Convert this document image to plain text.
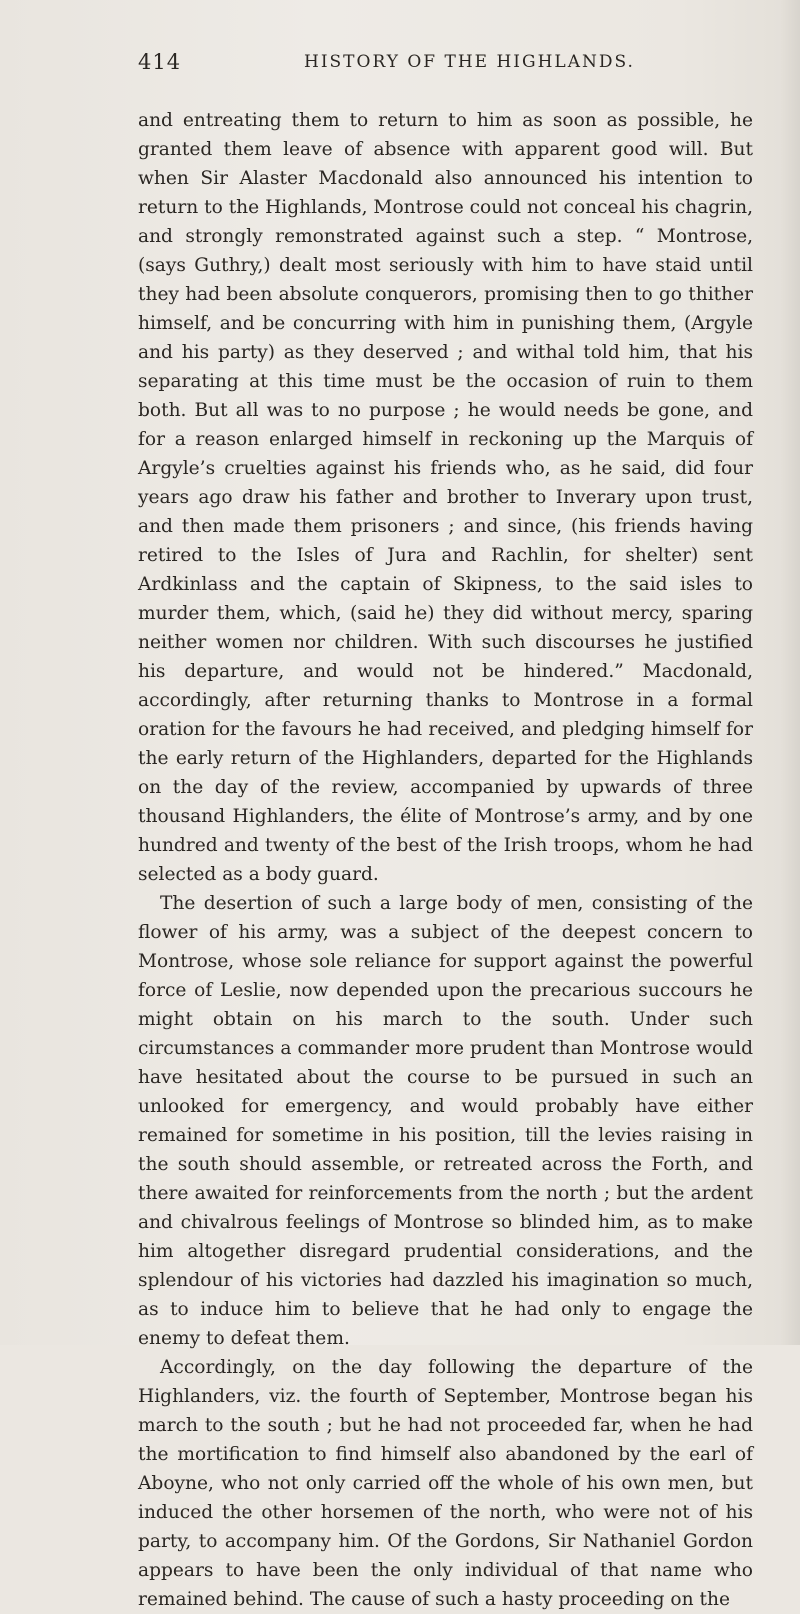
414	HISTORY OF THE HIGHLANDS.

and entreating them to return to him as soon as possible, he granted them leave of absence with apparent good will. But when Sir Alaster Macdonald also announced his intention to return to the Highlands, Montrose could not conceal his chagrin, and strongly remonstrated against such a step. “ Montrose, (says Guthry,) dealt most seriously with him to have staid until they had been absolute conquerors, promising then to go thither himself, and be concurring with him in punishing them, (Argyle and his party) as they deserved ; and withal told him, that his separating at this time must be the occasion of ruin to them both. But all was to no purpose ; he would needs be gone, and for a reason enlarged himself in reckoning up the Marquis of Argyle’s cruelties against his friends who, as he said, did four years ago draw his father and brother to Inverary upon trust, and then made them prisoners ; and since, (his friends having retired to the Isles of Jura and Rachlin, for shelter) sent Ardkinlass and the captain of Skipness, to the said isles to murder them, which, (said he) they did without mercy, sparing neither women nor children. With such discourses he justified his departure, and would not be hindered.” Macdonald, accordingly, after returning thanks to Montrose in a formal oration for the favours he had received, and pledging himself for the early return of the Highlanders, departed for the Highlands on the day of the review, accompanied by upwards of three thousand Highlanders, the élite of Montrose’s army, and by one hundred and twenty of the best of the Irish troops, whom he had selected as a body guard.

The desertion of such a large body of men, consisting of the flower of his army, was a subject of the deepest concern to Montrose, whose sole reliance for support against the powerful force of Leslie, now depended upon the precarious succours he might obtain on his march to the south. Under such circumstances a commander more prudent than Montrose would have hesitated about the course to be pursued in such an unlooked for emergency, and would probably have either remained for sometime in his position, till the levies raising in the south should assemble, or retreated across the Forth, and there awaited for reinforcements from the north ; but the ardent and chivalrous feelings of Montrose so blinded him, as to make him altogether disregard prudential considerations, and the splendour of his victories had dazzled his imagination so much, as to induce him to believe that he had only to engage the enemy to defeat them.

Accordingly, on the day following the departure of the Highlanders, viz. the fourth of September, Montrose began his march to the south ; but he had not proceeded far, when he had the mortification to find himself also abandoned by the earl of Aboyne, who not only carried off the whole of his own men, but induced the other horsemen of the north, who were not of his party, to accompany him. Of the Gordons, Sir Nathaniel Gordon appears to have been the only individual of that name who remained behind. The cause of such a hasty proceeding on the
